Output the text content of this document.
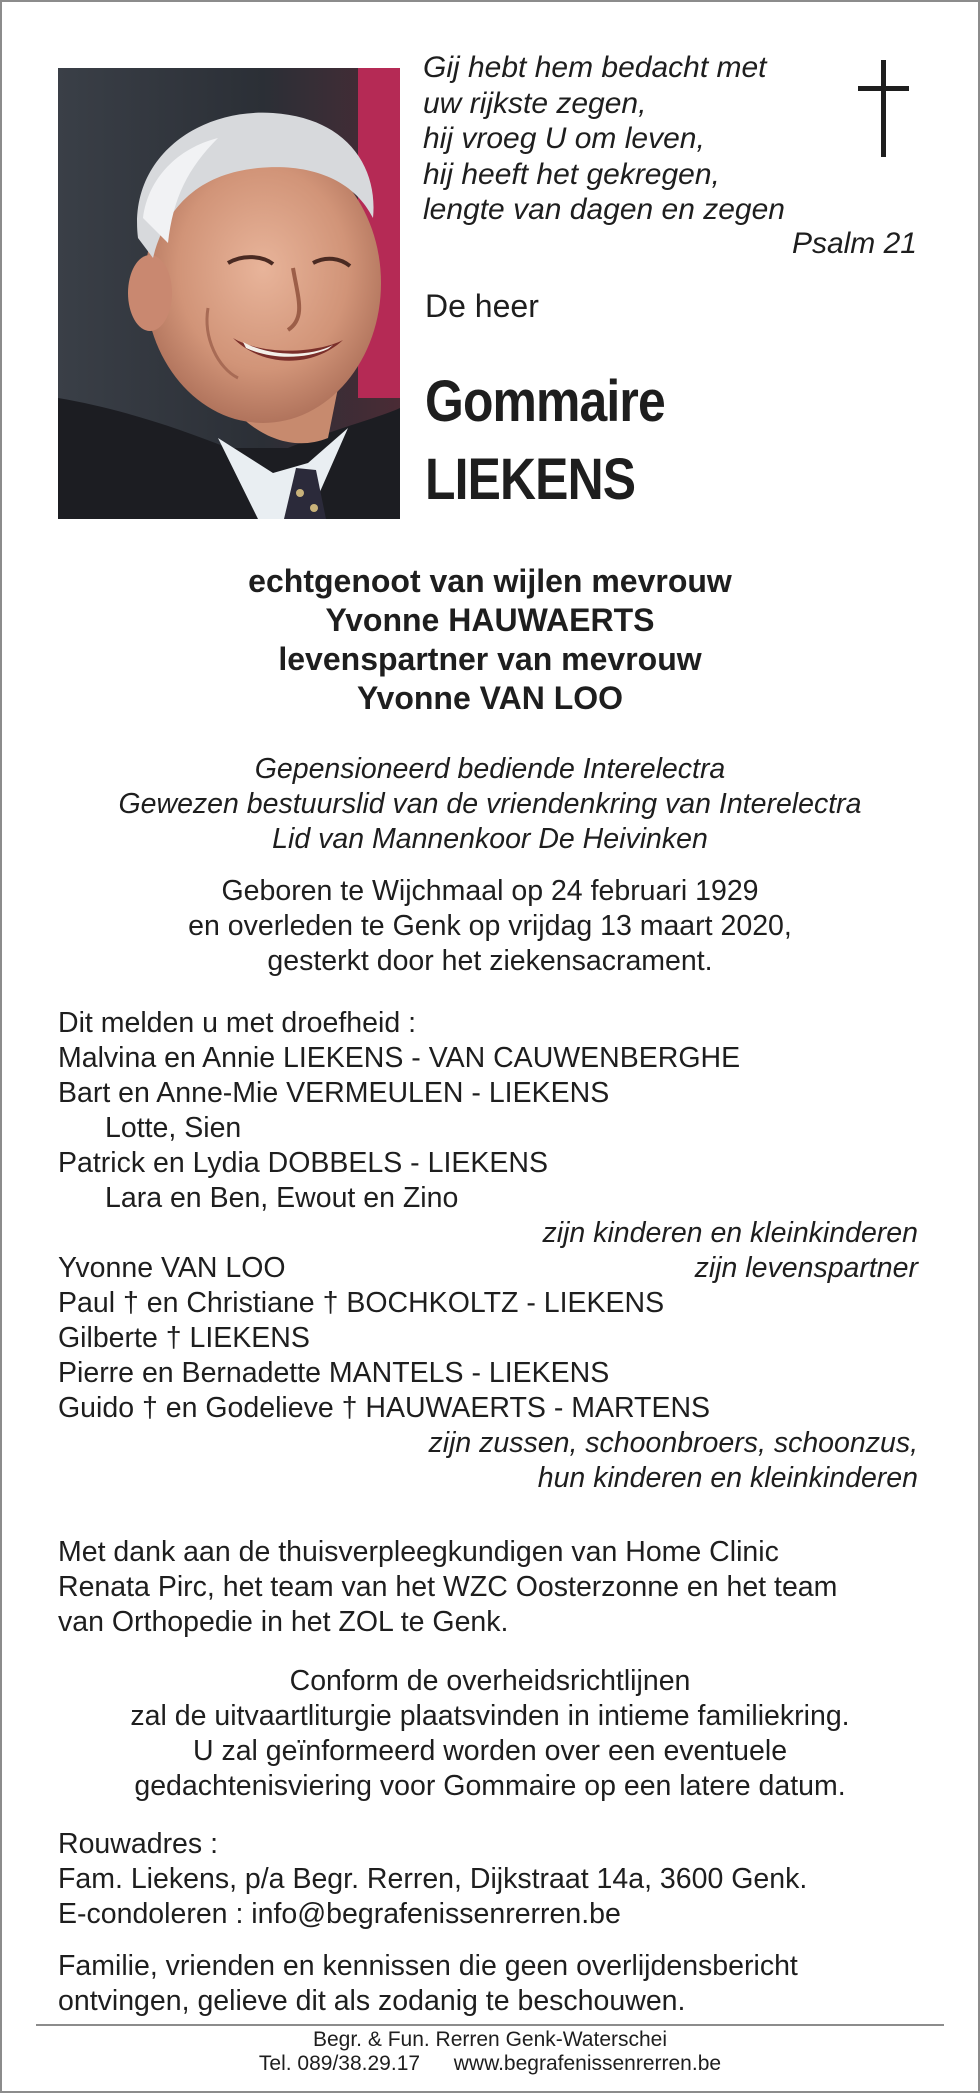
Gij hebt hem bedacht met
uw rijkste zegen,
hij vroeg U om leven,
hij heeft het gekregen,
lengte van dagen en zegen
Psalm 21
De heer
Gommaire
LIEKENS
echtgenoot van wijlen mevrouw
Yvonne HAUWAERTS
levenspartner van mevrouw
Yvonne VAN LOO
Gepensioneerd bediende Interelectra
Gewezen bestuurslid van de vriendenkring van Interelectra
Lid van Mannenkoor De Heivinken
Geboren te Wijchmaal op 24 februari 1929
en overleden te Genk op vrijdag 13 maart 2020,
gesterkt door het ziekensacrament.
Dit melden u met droefheid :
Malvina en Annie LIEKENS - VAN CAUWENBERGHE
Bart en Anne-Mie VERMEULEN - LIEKENS
Lotte, Sien
Patrick en Lydia DOBBELS - LIEKENS
Lara en Ben, Ewout en Zino
zijn kinderen en kleinkinderen
Yvonne VAN LOO	zijn levenspartner
Paul † en Christiane † BOCHKOLTZ - LIEKENS
Gilberte † LIEKENS
Pierre en Bernadette MANTELS - LIEKENS
Guido † en Godelieve † HAUWAERTS - MARTENS
zijn zussen, schoonbroers, schoonzus,
hun kinderen en kleinkinderen
Met dank aan de thuisverpleegkundigen van Home Clinic
Renata Pirc, het team van het WZC Oosterzonne en het team
van Orthopedie in het ZOL te Genk.
Conform de overheidsrichtlijnen
zal de uitvaartliturgie plaatsvinden in intieme familiekring.
U zal geïnformeerd worden over een eventuele
gedachtenisviering voor Gommaire op een latere datum.
Rouwadres :
Fam. Liekens, p/a Begr. Rerren, Dijkstraat 14a, 3600 Genk.
E-condoleren : info@begrafenissenrerren.be
Familie, vrienden en kennissen die geen overlijdensbericht
ontvingen, gelieve dit als zodanig te beschouwen.
Begr. & Fun. Rerren Genk-Waterschei
Tel. 089/38.29.17 www.begrafenissenrerren.be
